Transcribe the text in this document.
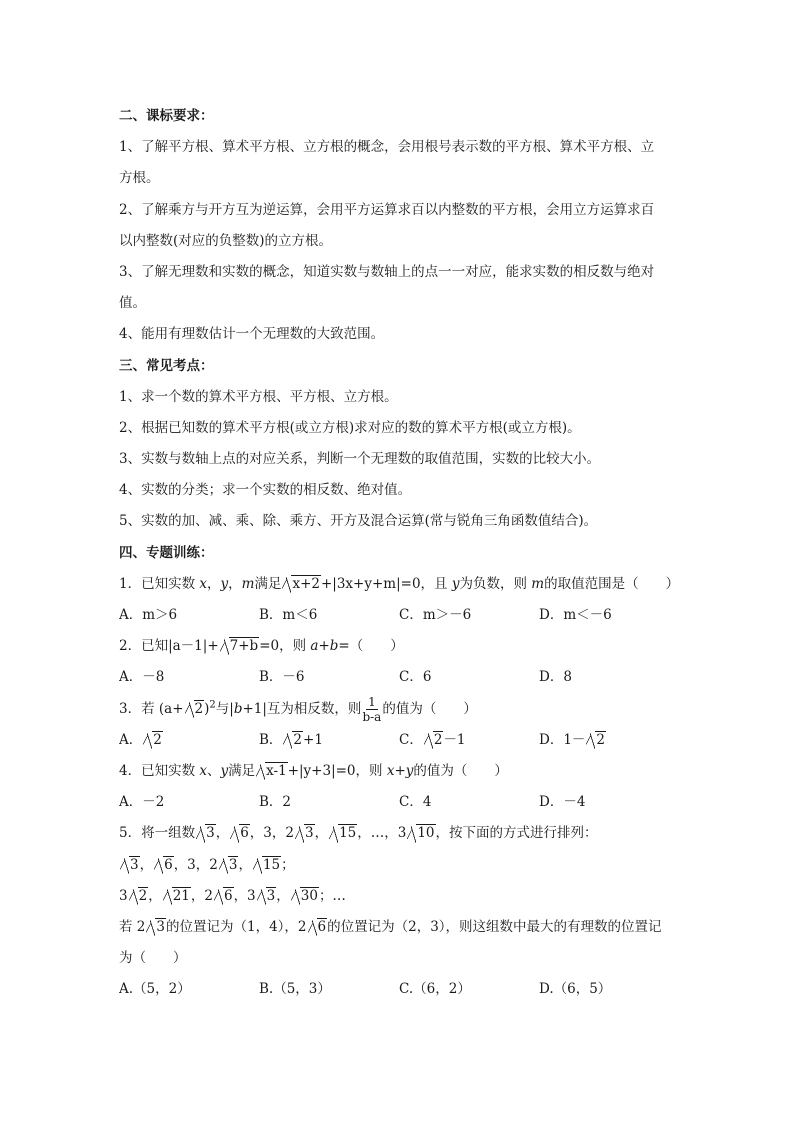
二、课标要求：
1、了解平方根、算术平方根、立方根的概念，会用根号表示数的平方根、算术平方根、立
方根。
2、了解乘方与开方互为逆运算，会用平方运算求百以内整数的平方根，会用立方运算求百
以内整数(对应的负整数)的立方根。
3、了解无理数和实数的概念，知道实数与数轴上的点一一对应，能求实数的相反数与绝对
值。
4、能用有理数估计一个无理数的大致范围。
三、常见考点：
1、求一个数的算术平方根、平方根、立方根。
2、根据已知数的算术平方根(或立方根)求对应的数的算术平方根(或立方根)。
3、实数与数轴上点的对应关系，判断一个无理数的取值范围，实数的比较大小。
4、实数的分类；求一个实数的相反数、绝对值。
5、实数的加、减、乘、除、乘方、开方及混合运算(常与锐角三角函数值结合)。
四、专题训练：
1．已知实数 x，y，m满足 x+2+|3x+y+m|=0，且 y为负数，则 m的取值范围是（　　）
A．m＞6	B．m＜6	C．m＞－6	D．m＜－6
2．已知|a－1|+ 7+b=0，则 a+b=（　　）
A．－8	B．－6	C．6	D．8
3．若 $(a+ 2)^2$与|b+1|互为相反数，则 $\frac{1}{b-a}$ 的值为（　　）
A． 2	B． 2+1	C． 2－1	D．1－ 2
4．已知实数 x、y满足 x-1+|y+3|=0，则 x+y的值为（　　）
A．－2	B．2	C．4	D．－4
5．将一组数 3， 6，3，2 3， 15，…，3 10，按下面的方式进行排列：
3， 6，3，2 3， 15；
3 2， 21，2 6，3 3， 30；…
若 2 3的位置记为（1，4），2 6的位置记为（2，3），则这组数中最大的有理数的位置记
为（　　）
A.（5，2）	B.（5，3）	C.（6，2）	D.（6，5）
